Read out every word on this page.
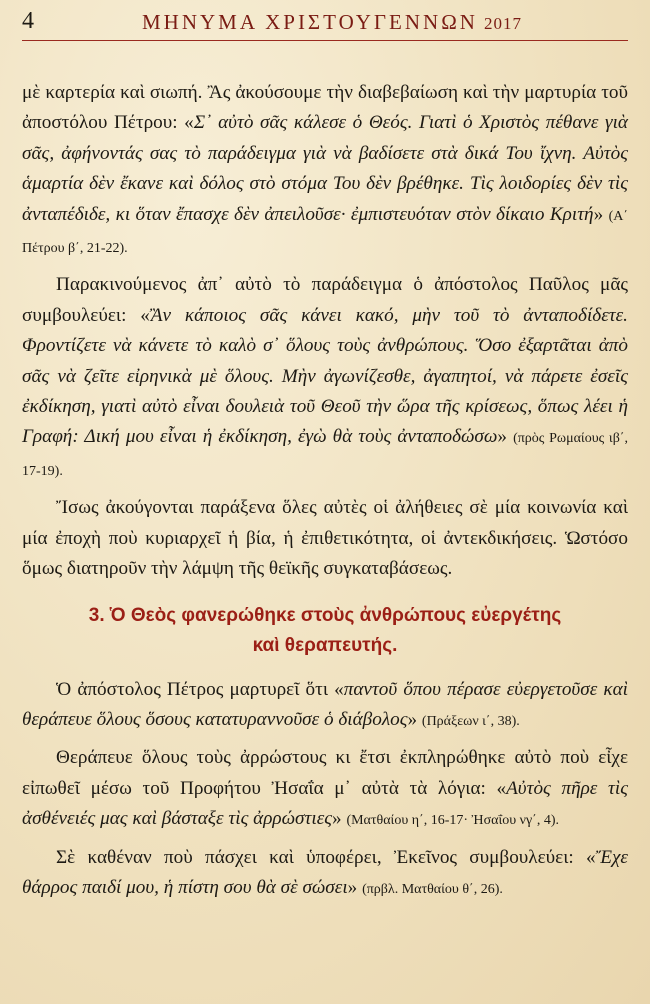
4	ΜΗΝΥΜΑ ΧΡΙΣΤΟΥΓΕΝΝΩΝ 2017

μὲ καρτερία καὶ σιωπή. Ἂς ἀκούσουμε τὴν διαβεβαίωση καὶ τὴν μαρτυρία τοῦ ἀποστόλου Πέτρου: «Σ᾿ αὐτὸ σᾶς κάλεσε ὁ Θεός. Γιατὶ ὁ Χριστὸς πέθανε γιὰ σᾶς, ἀφήνοντάς σας τὸ παράδειγμα γιὰ νὰ βαδίσετε στὰ δικά Του ἴχνη. Αὐτὸς ἁμαρτία δὲν ἔκανε καὶ δόλος στὸ στόμα Του δὲν βρέθηκε. Τὶς λοιδορίες δὲν τὶς ἀνταπέδιδε, κι ὅταν ἔπασχε δὲν ἀπειλοῦσε· ἐμπιστευόταν στὸν δίκαιο Κριτή» (Α΄ Πέτρου β΄, 21-22).

Παρακινούμενος ἀπ᾿ αὐτὸ τὸ παράδειγμα ὁ ἀπόστολος Παῦλος μᾶς συμβουλεύει: «Ἂν κάποιος σᾶς κάνει κακό, μὴν τοῦ τὸ ἀνταποδίδετε. Φροντίζετε νὰ κάνετε τὸ καλὸ σ᾿ ὅλους τοὺς ἀνθρώπους. Ὅσο ἐξαρτᾶται ἀπὸ σᾶς νὰ ζεῖτε εἰρηνικὰ μὲ ὅλους. Μὴν ἀγωνίζεσθε, ἀγαπητοί, νὰ πάρετε ἐσεῖς ἐκδίκηση, γιατὶ αὐτὸ εἶναι δουλειὰ τοῦ Θεοῦ τὴν ὥρα τῆς κρίσεως, ὅπως λέει ἡ Γραφή: Δική μου εἶναι ἡ ἐκδίκηση, ἐγὼ θὰ τοὺς ἀνταποδώσω» (πρὸς Ρωμαίους ιβ΄, 17-19).

Ἴσως ἀκούγονται παράξενα ὅλες αὐτὲς οἱ ἀλήθειες σὲ μία κοινωνία καὶ μία ἐποχὴ ποὺ κυριαρχεῖ ἡ βία, ἡ ἐπιθετικότητα, οἱ ἀντεκδικήσεις. Ὡστόσο ὅμως διατηροῦν τὴν λάμψη τῆς θεϊκῆς συγκαταβάσεως.

3. Ὁ Θεὸς φανερώθηκε στοὺς ἀνθρώπους εὐεργέτης
καὶ θεραπευτής.

Ὁ ἀπόστολος Πέτρος μαρτυρεῖ ὅτι «παντοῦ ὅπου πέρασε εὐεργετοῦσε καὶ θεράπευε ὅλους ὅσους κατατυραννοῦσε ὁ διάβολος» (Πράξεων ι΄, 38).

Θεράπευε ὅλους τοὺς ἀρρώστους κι ἔτσι ἐκπληρώθηκε αὐτὸ ποὺ εἶχε εἰπωθεῖ μέσω τοῦ Προφήτου Ἠσαΐα μ᾿ αὐτὰ τὰ λόγια: «Αὐτὸς πῆρε τὶς ἀσθένειές μας καὶ βάσταξε τὶς ἀρρώστιες» (Ματθαίου η΄, 16-17· Ἠσαΐου νγ΄, 4).

Σὲ καθέναν ποὺ πάσχει καὶ ὑποφέρει, Ἐκεῖνος συμβουλεύει: «Ἔχε θάρρος παιδί μου, ἡ πίστη σου θὰ σὲ σώσει» (πρβλ. Ματθαίου θ΄, 26).
